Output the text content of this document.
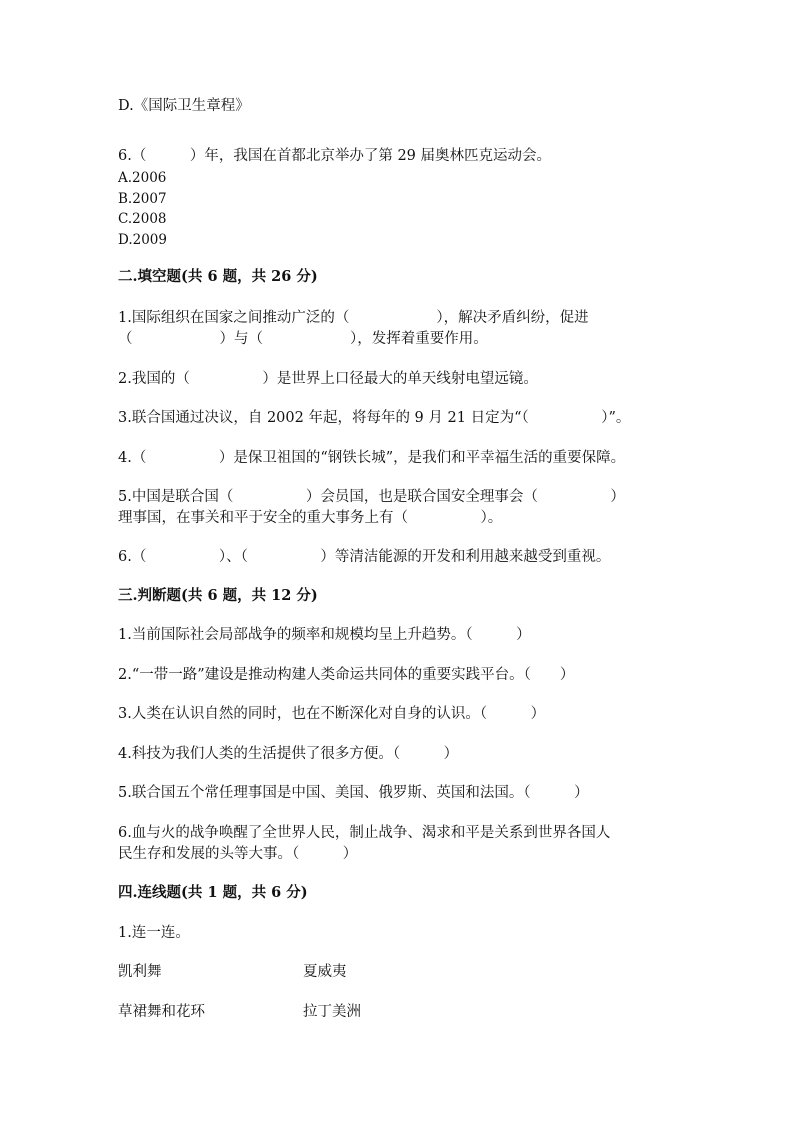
D.《国际卫生章程》
6.（　　　）年，我国在首都北京举办了第 29 届奥林匹克运动会。
A.2006
B.2007
C.2008
D.2009
二.填空题(共 6 题，共 26 分)
1.国际组织在国家之间推动广泛的（　　　　　　），解决矛盾纠纷，促进
（　　　　　　）与（　　　　　　），发挥着重要作用。
2.我国的（　　　　　）是世界上口径最大的单天线射电望远镜。
3.联合国通过决议，自 2002 年起，将每年的 9 月 21 日定为“（　　　　　）”。
4.（　　　　　）是保卫祖国的“钢铁长城”，是我们和平幸福生活的重要保障。
5.中国是联合国（　　　　　）会员国，也是联合国安全理事会（　　　　　）
理事国，在事关和平于安全的重大事务上有（　　　　　）。
6.（　　　　　）、（　　　　　）等清洁能源的开发和利用越来越受到重视。
三.判断题(共 6 题，共 12 分)
1.当前国际社会局部战争的频率和规模均呈上升趋势。（　　　）
2.“一带一路”建设是推动构建人类命运共同体的重要实践平台。（　　）
3.人类在认识自然的同时，也在不断深化对自身的认识。（　　　）
4.科技为我们人类的生活提供了很多方便。（　　　）
5.联合国五个常任理事国是中国、美国、俄罗斯、英国和法国。（　　　）
6.血与火的战争唤醒了全世界人民，制止战争、渴求和平是关系到世界各国人
民生存和发展的头等大事。（　　　）
四.连线题(共 1 题，共 6 分)
1.连一连。
凯利舞	夏威夷
草裙舞和花环	拉丁美洲
